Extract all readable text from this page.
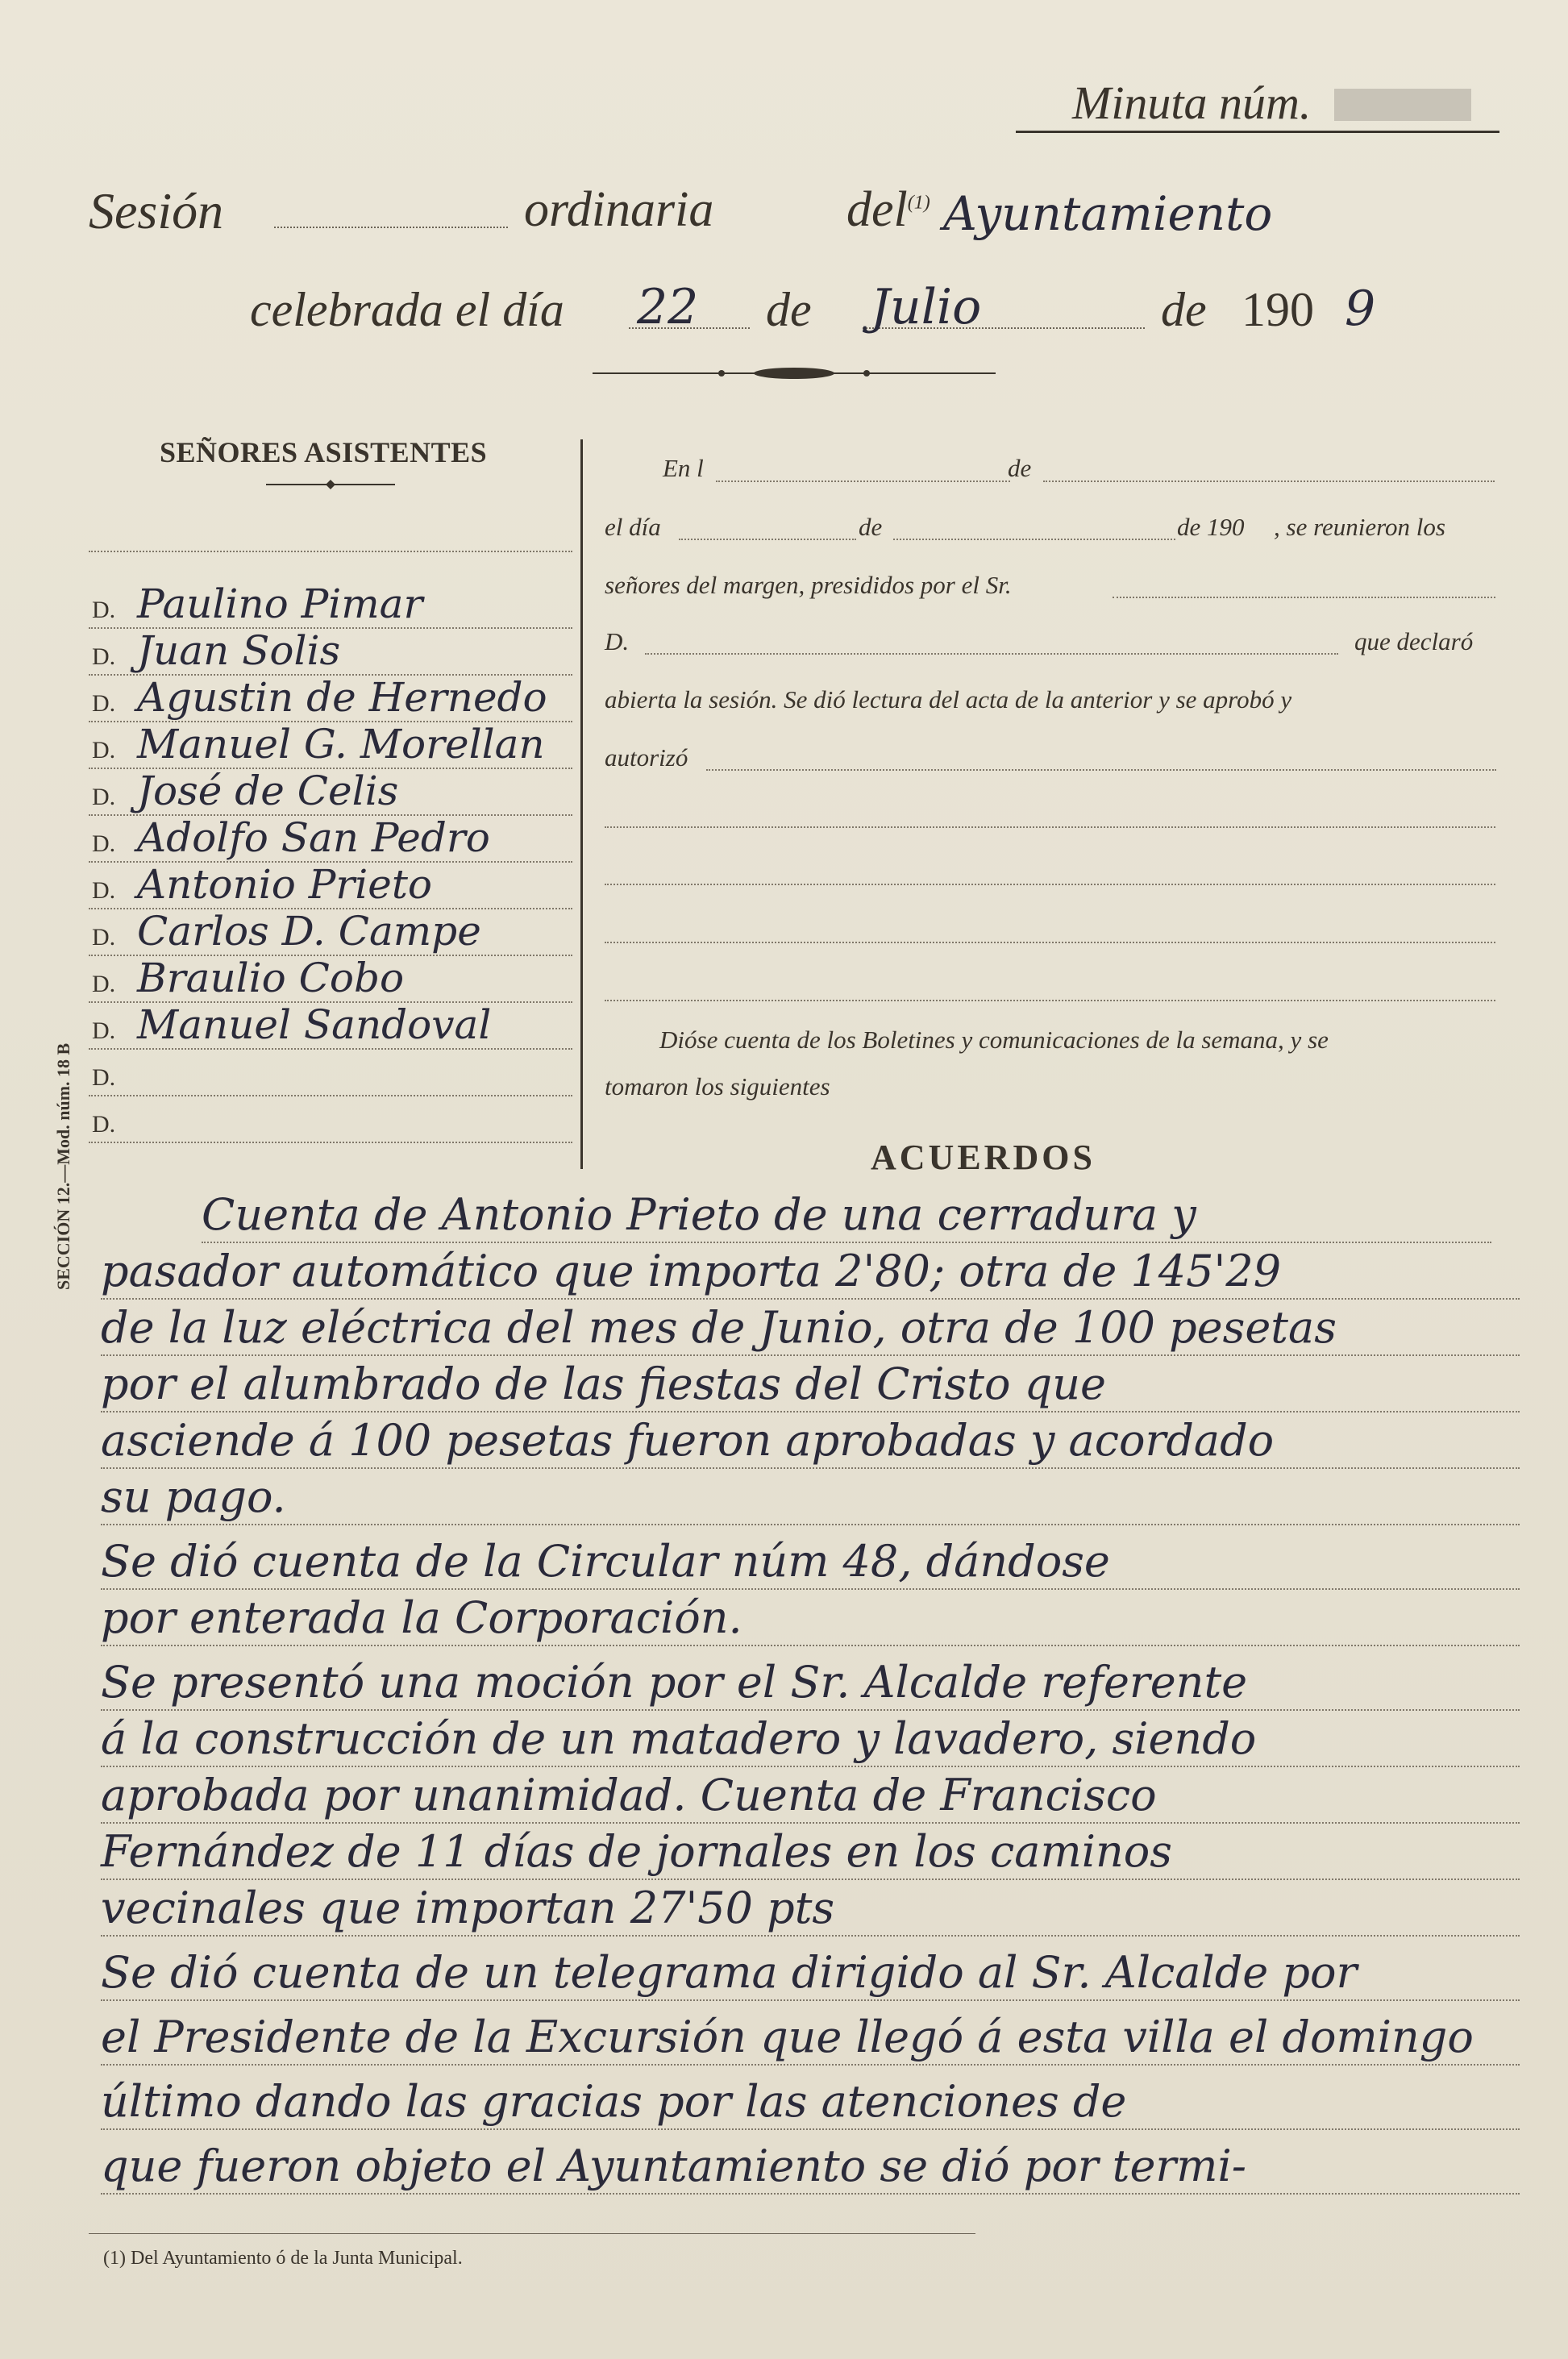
Minuta núm.
Sesión	ordinaria	del$^{(1)}$ Ayuntamiento
celebrada el día 22 de Julio	de 190 9
SEÑORES ASISTENTES
D. Paulino Pimar
D. Juan Solis
D. Agustin de Hernedo
D. Manuel G. Morellan
D. José de Celis
D. Adolfo San Pedro
D. Antonio Prieto
D. Carlos D. Campe
D. Braulio Cobo
D. Manuel Sandoval
D.
D.
En l	de
el día	de	de 190 , se reunieron los
señores del margen, presididos por el Sr.
D.	que declaró
abierta la sesión. Se dió lectura del acta de la anterior y se aprobó y
autorizó
Dióse cuenta de los Boletines y comunicaciones de la semana, y se
tomaron los siguientes
ACUERDOS
Cuenta de Antonio Prieto de una cerradura y
pasador automático que importa 2'80; otra de 145'29
de la luz eléctrica del mes de Junio, otra de 100 pesetas
por el alumbrado de las fiestas del Cristo que
asciende á 100 pesetas fueron aprobadas y acordado
su pago.
Se dió cuenta de la Circular núm 48, dándose
por enterada la Corporación.
Se presentó una moción por el Sr. Alcalde referente
á la construcción de un matadero y lavadero, siendo
aprobada por unanimidad. Cuenta de Francisco
Fernández de 11 días de jornales en los caminos
vecinales que importan 27'50 pts
Se dió cuenta de un telegrama dirigido al Sr. Alcalde por
el Presidente de la Excursión que llegó á esta villa el domingo
último dando las gracias por las atenciones de
que fueron objeto el Ayuntamiento se dió por termi-
SECCIÓN 12.—Mod. núm. 18 B
(1) Del Ayuntamiento ó de la Junta Municipal.
